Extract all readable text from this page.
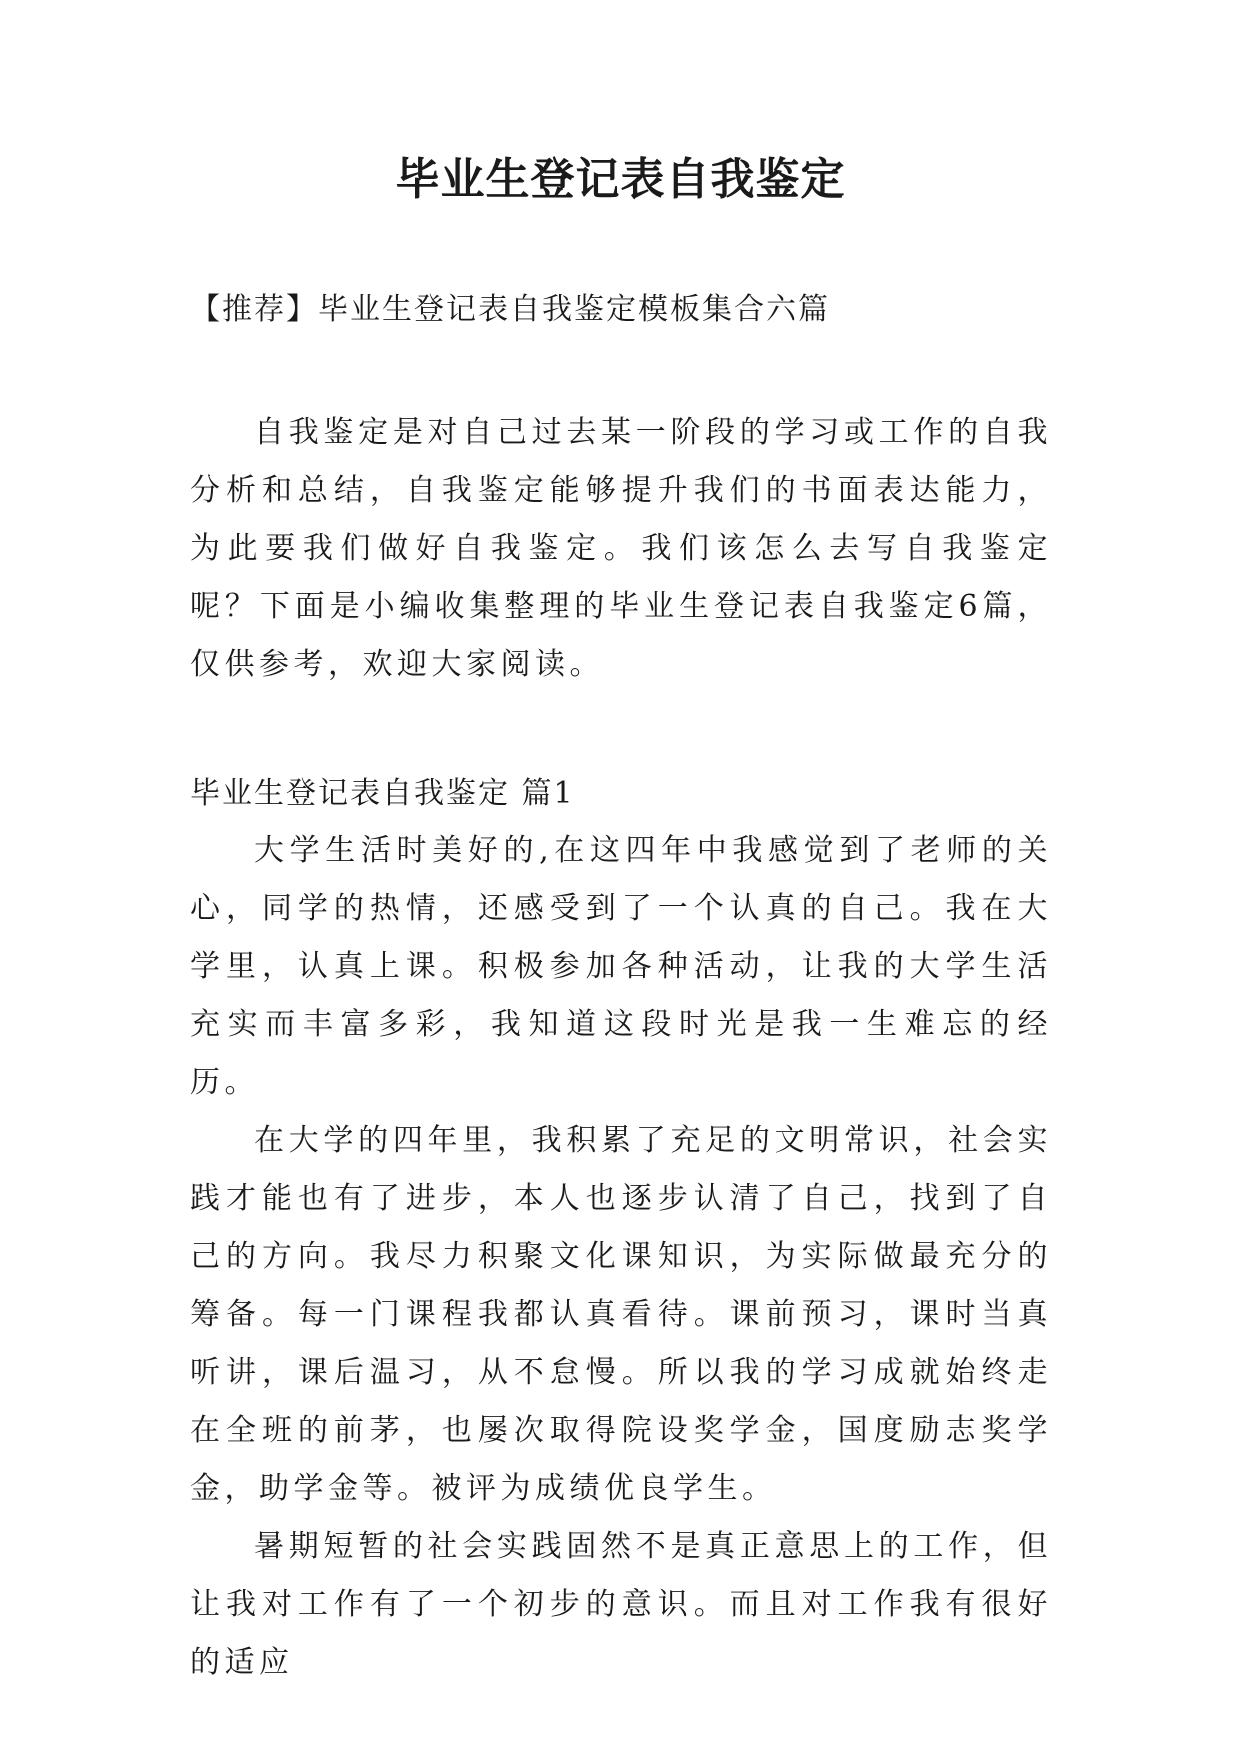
毕业生登记表自我鉴定

【推荐】毕业生登记表自我鉴定模板集合六篇

自我鉴定是对自己过去某一阶段的学习或工作的自我分析和总结，自我鉴定能够提升我们的书面表达能力，为此要我们做好自我鉴定。我们该怎么去写自我鉴定呢？下面是小编收集整理的毕业生登记表自我鉴定6篇，仅供参考，欢迎大家阅读。

毕业生登记表自我鉴定 篇1

大学生活时美好的,在这四年中我感觉到了老师的关心，同学的热情，还感受到了一个认真的自己。我在大学里，认真上课。积极参加各种活动，让我的大学生活充实而丰富多彩，我知道这段时光是我一生难忘的经历。

在大学的四年里，我积累了充足的文明常识，社会实践才能也有了进步，本人也逐步认清了自己，找到了自己的方向。我尽力积聚文化课知识，为实际做最充分的筹备。每一门课程我都认真看待。课前预习，课时当真听讲，课后温习，从不怠慢。所以我的学习成就始终走在全班的前茅，也屡次取得院设奖学金，国度励志奖学金，助学金等。被评为成绩优良学生。

暑期短暂的社会实践固然不是真正意思上的工作，但让我对工作有了一个初步的意识。而且对工作我有很好的适应
